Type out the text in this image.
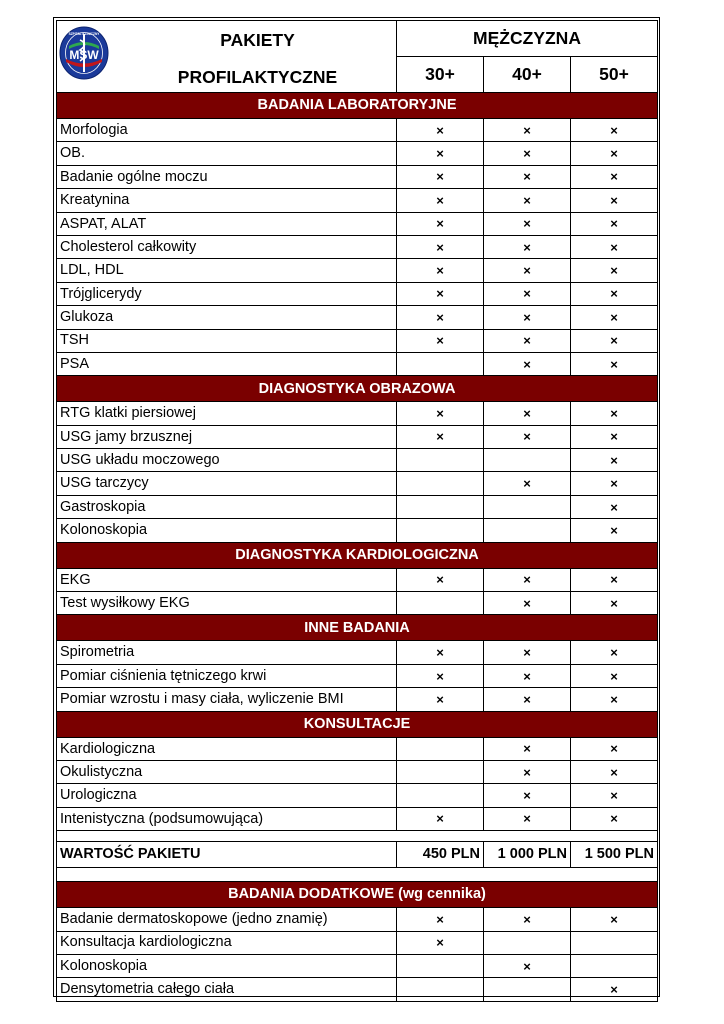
MSW
SZPITAL KLINICZNY PAKIETY
PROFILAKTYCZNE	MĘŻCZYZNA		
	30+	40+	50+
BADANIA LABORATORYJNE			
Morfologia	×	×	×
OB.	×	×	×
Badanie ogólne moczu	×	×	×
Kreatynina	×	×	×
ASPAT, ALAT	×	×	×
Cholesterol całkowity	×	×	×
LDL, HDL	×	×	×
Trójglicerydy	×	×	×
Glukoza	×	×	×
TSH	×	×	×
PSA		×	×
DIAGNOSTYKA OBRAZOWA			
RTG klatki piersiowej	×	×	×
USG jamy brzusznej	×	×	×
USG układu moczowego			×
USG tarczycy		×	×
Gastroskopia			×
Kolonoskopia			×
DIAGNOSTYKA KARDIOLOGICZNA			
EKG	×	×	×
Test wysiłkowy EKG		×	×
INNE BADANIA			
Spirometria	×	×	×
Pomiar ciśnienia tętniczego krwi	×	×	×
Pomiar wzrostu i masy ciała, wyliczenie BMI	×	×	×
KONSULTACJE			
Kardiologiczna		×	×
Okulistyczna		×	×
Urologiczna		×	×
Intenistyczna (podsumowująca)	×	×	×

WARTOŚĆ PAKIETU	450 PLN	1 000 PLN	1 500 PLN

BADANIA DODATKOWE (wg cennika)			
Badanie dermatoskopowe (jedno znamię)	×	×	×
Konsultacja kardiologiczna	×		
Kolonoskopia		×	
Densytometria całego ciała			×
